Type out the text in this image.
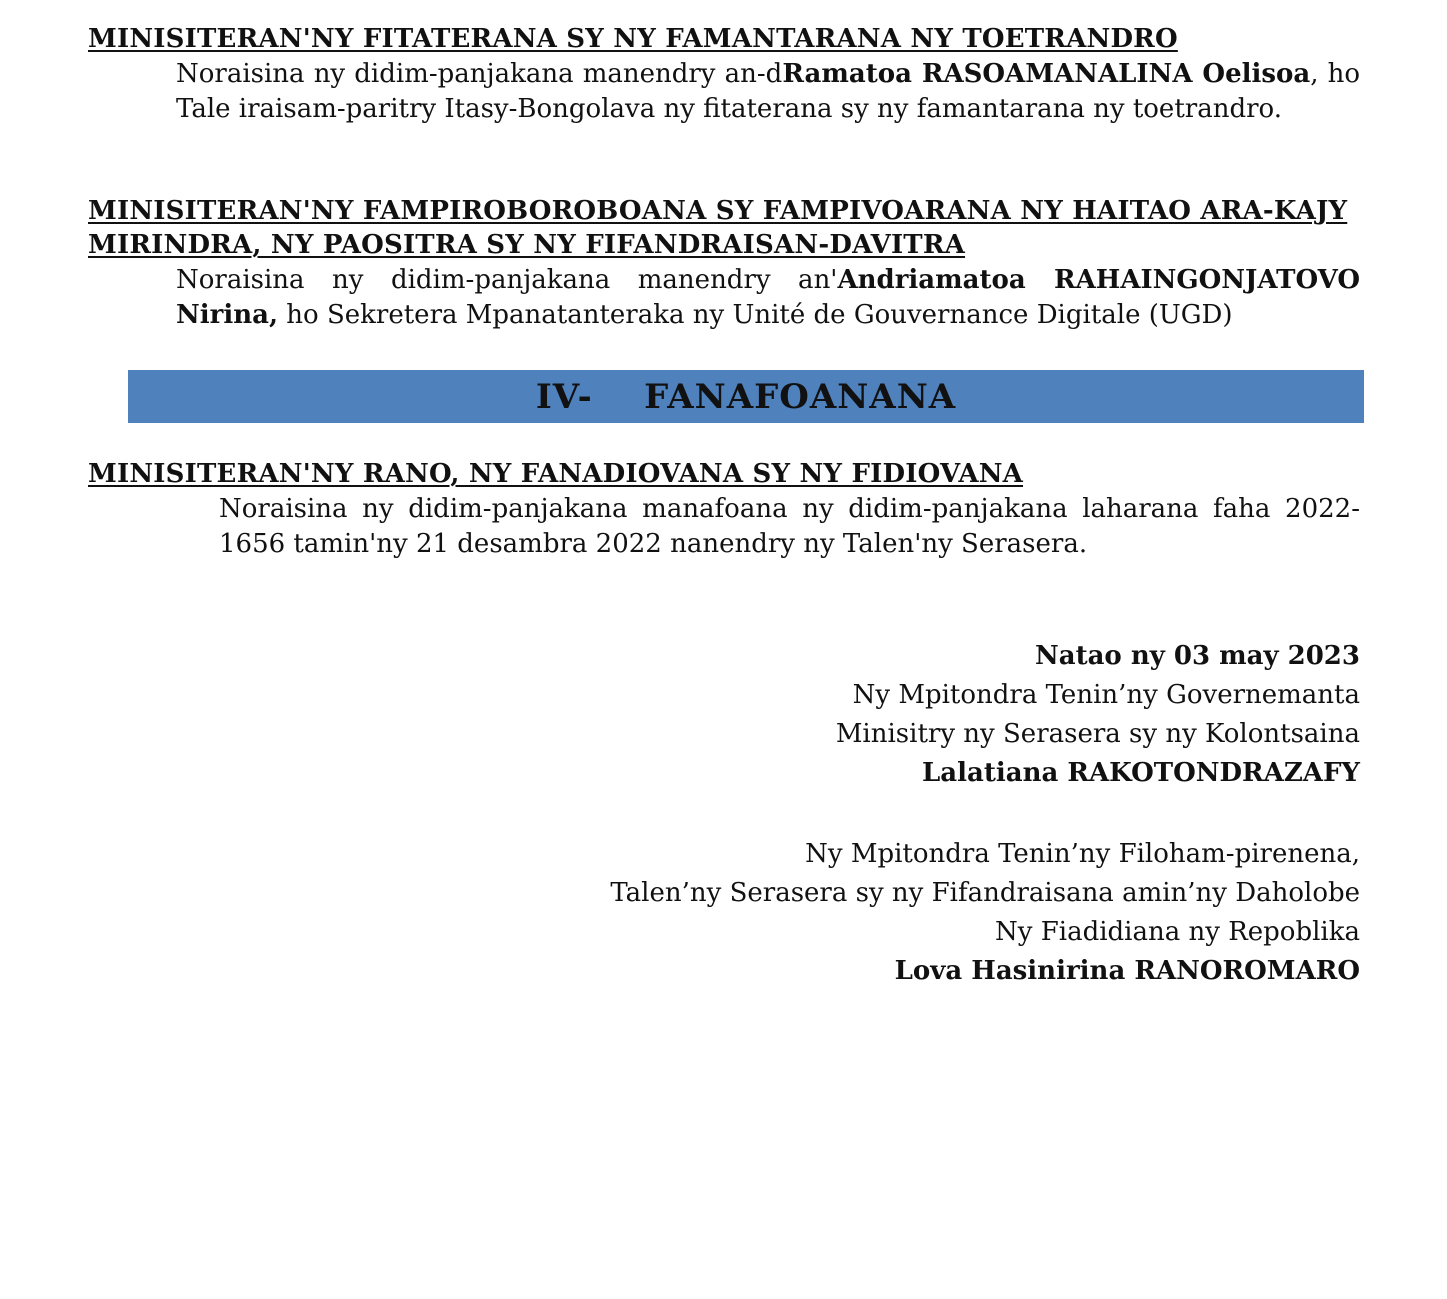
MINISITERAN'NY FITATERANA SY NY FAMANTARANA NY TOETRANDRO

Noraisina ny didim-panjakana manendry an-dRamatoa RASOAMANALINA Oelisoa, ho Tale iraisam-paritry Itasy-Bongolava ny fitaterana sy ny famantarana ny toetrandro.

MINISITERAN'NY FAMPIROBOROBOANA SY FAMPIVOARANA NY HAITAO ARA-KAJY
MIRINDRA, NY PAOSITRA SY NY FIFANDRAISAN-DAVITRA

Noraisina ny didim-panjakana manendry an'Andriamatoa RAHAINGONJATOVO Nirina, ho Sekretera Mpanatanteraka ny Unité de Gouvernance Digitale (UGD)

IV-    FANAFOANANA
MINISITERAN'NY RANO, NY FANADIOVANA SY NY FIDIOVANA

Noraisina ny didim-panjakana manafoana ny didim-panjakana laharana faha 2022-1656 tamin'ny 21 desambra 2022 nanendry ny Talen'ny Serasera.

Natao ny 03 may 2023
Ny Mpitondra Tenin’ny Governemanta
Minisitry ny Serasera sy ny Kolontsaina
Lalatiana RAKOTONDRAZAFY
Ny Mpitondra Tenin’ny Filoham-pirenena,
Talen’ny Serasera sy ny Fifandraisana amin’ny Daholobe
Ny Fiadidiana ny Repoblika
Lova Hasinirina RANOROMARO
